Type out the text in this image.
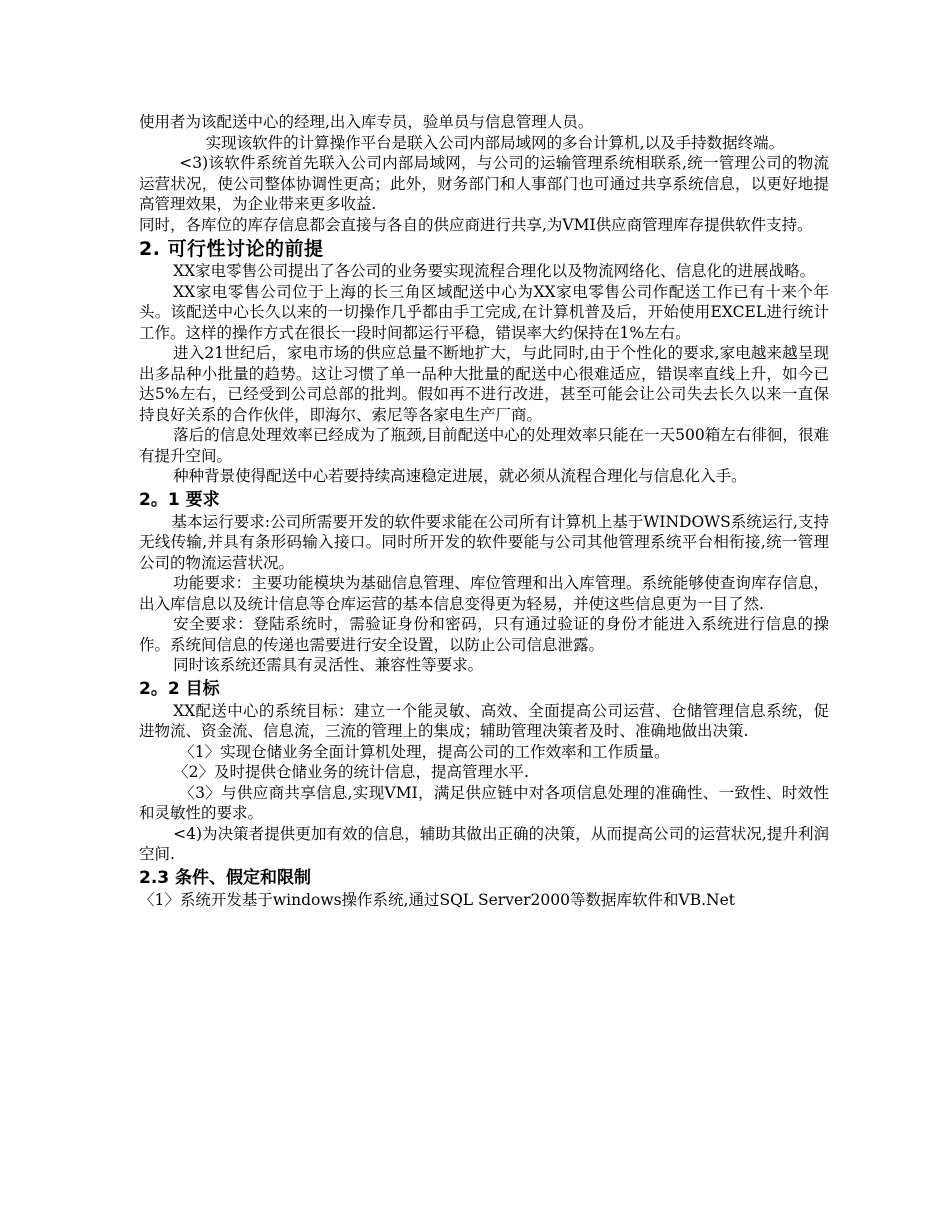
使用者为该配送中心的经理,出入库专员，验单员与信息管理人员。

实现该软件的计算操作平台是联入公司内部局域网的多台计算机,以及手持数据终端。

<3)该软件系统首先联入公司内部局域网，与公司的运输管理系统相联系,统一管理公司的物流运营状况，使公司整体协调性更高；此外，财务部门和人事部门也可通过共享系统信息，以更好地提高管理效果，为企业带来更多收益.

同时，各库位的库存信息都会直接与各自的供应商进行共享,为VMI供应商管理库存提供软件支持。

2. 可行性讨论的前提

XX家电零售公司提出了各公司的业务要实现流程合理化以及物流网络化、信息化的进展战略。

XX家电零售公司位于上海的长三角区域配送中心为XX家电零售公司作配送工作已有十来个年头。该配送中心长久以来的一切操作几乎都由手工完成,在计算机普及后，开始使用EXCEL进行统计工作。这样的操作方式在很长一段时间都运行平稳，错误率大约保持在1%左右。

进入21世纪后，家电市场的供应总量不断地扩大，与此同时,由于个性化的要求,家电越来越呈现出多品种小批量的趋势。这让习惯了单一品种大批量的配送中心很难适应，错误率直线上升，如今已达5%左右，已经受到公司总部的批判。假如再不进行改进，甚至可能会让公司失去长久以来一直保持良好关系的合作伙伴，即海尔、索尼等各家电生产厂商。

落后的信息处理效率已经成为了瓶颈,目前配送中心的处理效率只能在一天500箱左右徘徊，很难有提升空间。

种种背景使得配送中心若要持续高速稳定进展，就必须从流程合理化与信息化入手。

2。1 要求

基本运行要求:公司所需要开发的软件要求能在公司所有计算机上基于WINDOWS系统运行,支持无线传输,并具有条形码输入接口。同时所开发的软件要能与公司其他管理系统平台相衔接,统一管理公司的物流运营状况。

功能要求：主要功能模块为基础信息管理、库位管理和出入库管理。系统能够使查询库存信息，出入库信息以及统计信息等仓库运营的基本信息变得更为轻易，并使这些信息更为一目了然.

安全要求：登陆系统时，需验证身份和密码，只有通过验证的身份才能进入系统进行信息的操作。系统间信息的传递也需要进行安全设置，以防止公司信息泄露。

同时该系统还需具有灵活性、兼容性等要求。

2。2 目标

XX配送中心的系统目标：建立一个能灵敏、高效、全面提高公司运营、仓储管理信息系统，促进物流、资金流、信息流，三流的管理上的集成；辅助管理决策者及时、准确地做出决策.

〈1〉实现仓储业务全面计算机处理，提高公司的工作效率和工作质量。

〈2〉及时提供仓储业务的统计信息，提高管理水平.

〈3〉与供应商共享信息,实现VMI，满足供应链中对各项信息处理的准确性、一致性、时效性和灵敏性的要求。

<4)为决策者提供更加有效的信息，辅助其做出正确的决策，从而提高公司的运营状况,提升利润空间.

2.3 条件、假定和限制

〈1〉系统开发基于windows操作系统,通过SQL Server2000等数据库软件和VB.Net
